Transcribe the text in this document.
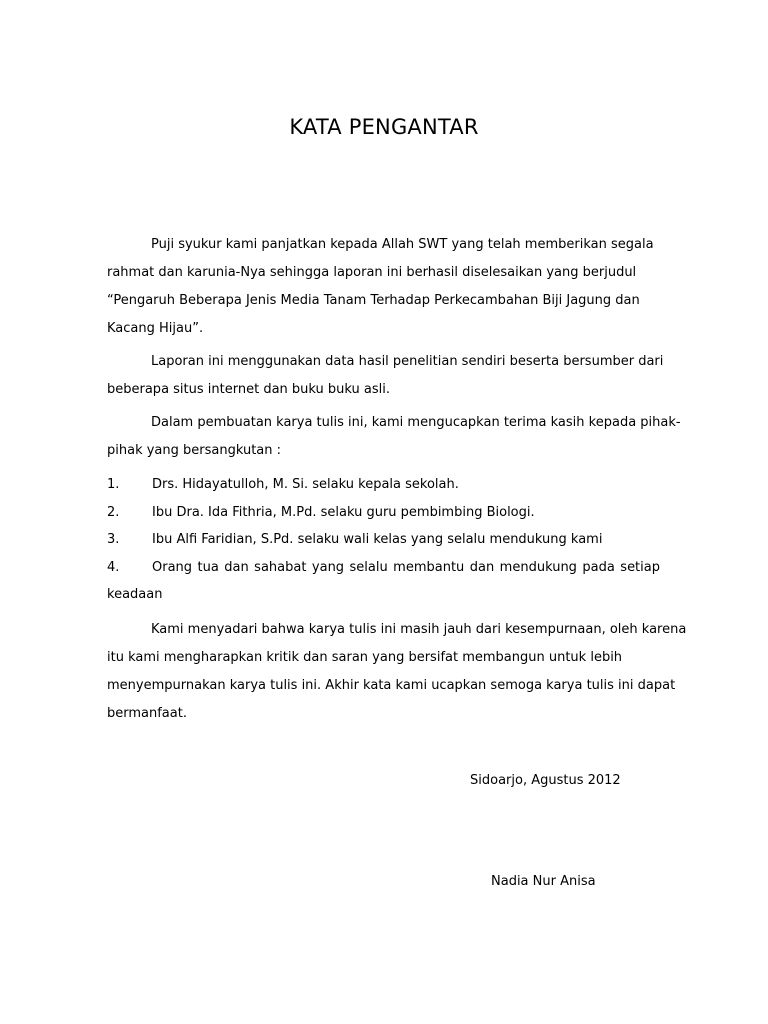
KATA PENGANTAR
Puji syukur kami panjatkan kepada Allah SWT yang telah memberikan segala
rahmat dan karunia-Nya sehingga laporan ini berhasil diselesaikan yang berjudul
“Pengaruh Beberapa Jenis Media Tanam Terhadap Perkecambahan Biji Jagung dan
Kacang Hijau”.
Laporan ini menggunakan data hasil penelitian sendiri beserta bersumber dari
beberapa situs internet dan buku buku asli.
Dalam pembuatan karya tulis ini, kami mengucapkan terima kasih kepada pihak-
pihak yang bersangkutan :
1.	Drs. Hidayatulloh, M. Si. selaku kepala sekolah.
2.	Ibu Dra. Ida Fithria, M.Pd. selaku guru pembimbing Biologi.
3.	Ibu Alfi Faridian, S.Pd. selaku wali kelas yang selalu mendukung kami
4.	Orang tua dan sahabat yang selalu membantu dan mendukung pada setiap
keadaan
Kami menyadari bahwa karya tulis ini masih jauh dari kesempurnaan, oleh karena
itu kami mengharapkan kritik dan saran yang bersifat membangun untuk lebih
menyempurnakan karya tulis ini. Akhir kata kami ucapkan semoga karya tulis ini dapat
bermanfaat.
Sidoarjo, Agustus 2012
Nadia Nur Anisa
